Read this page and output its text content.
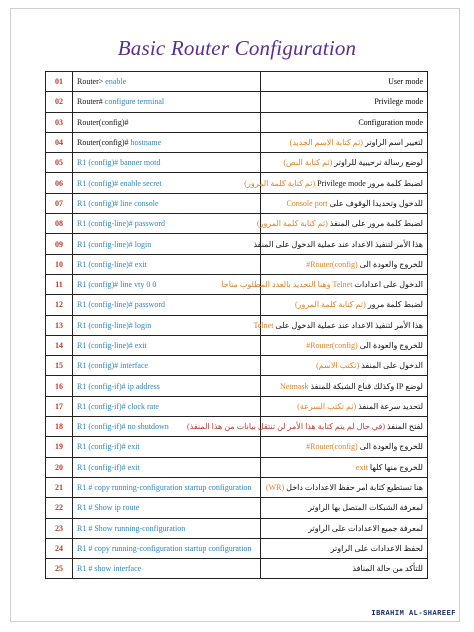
Basic Router Configuration
01	Router> enable	User mode
02	Router# configure terminal	Privilege mode
03	Router(config)#	Configuration mode
04	Router(config)# hostname	لتغيير اسم الراوتر (ثم كتابة الاسم الجديد)
05	R1 (config)# banner motd	لوضع رسالة ترحيبية للراوتر (ثم كتابة النص)
06	R1 (config)# enable secret	لضبط كلمة مرور Privilege mode (ثم كتابة كلمة المرور)
07	R1 (config)# line console	للدخول وتحديدا الوقوف على Console port
08	R1 (config-line)# password	لضبط كلمة مرور على المنفذ (ثم كتابة كلمة المرور)
09	R1 (config-line)# login	هذا الأمر لتنفيذ الاعداد عند عملية الدخول على المنفذ
10	R1 (config-line)# exit	للخروج والعودة الى Router(config)#
11	R1 (config)# line vty 0 0	الدخول على اعدادات Telnet وهنا التحديد بالعدد المطلوب متاحا
12	R1 (config-line)# password	لضبط كلمة مرور (ثم كتابة كلمة المرور)
13	R1 (config-line)# login	هذا الأمر لتنفيذ الاعداد عند عملية الدخول على Telnet
14	R1 (config-line)# exit	للخروج والعودة الى Router(config)#
15	R1 (config)# interface	الدخول على المنفذ (تكتب الاسم)
16	R1 (config-if)# ip address	لوضع IP وكذلك قناع الشبكة للمنفذ Netmask
17	R1 (config-if)# clock rate	لتحديد سرعة المنفذ (ثم تكتب السرعة)
18	R1 (config-if)# no shutdown	لفتح المنفذ (في حال لم يتم كتابة هذا الأمر لن تنتقل بيانات من هذا المنفذ)
19	R1 (config-if)# exit	للخروج والعودة الى Router(config)#
20	R1 (config-if)# exit	للخروج منها كلها exit
21	R1 # copy running-configuration startup configuration	هنا تستطيع كتابة امر حفظ الاعدادات داخل (WR)
22	R1 # Show ip route	لمعرفة الشبكات المتصل بها الراوتر
23	R1 # Show running-configuration	لمعرفة جميع الاعدادات على الراوتر
24	R1 # copy running-configuration startup configuration	لحفظ الاعدادات على الراوتر
25	R1 # show interface	للتأكد من حالة المنافذ
IBRAHIM AL-SHAREEF
